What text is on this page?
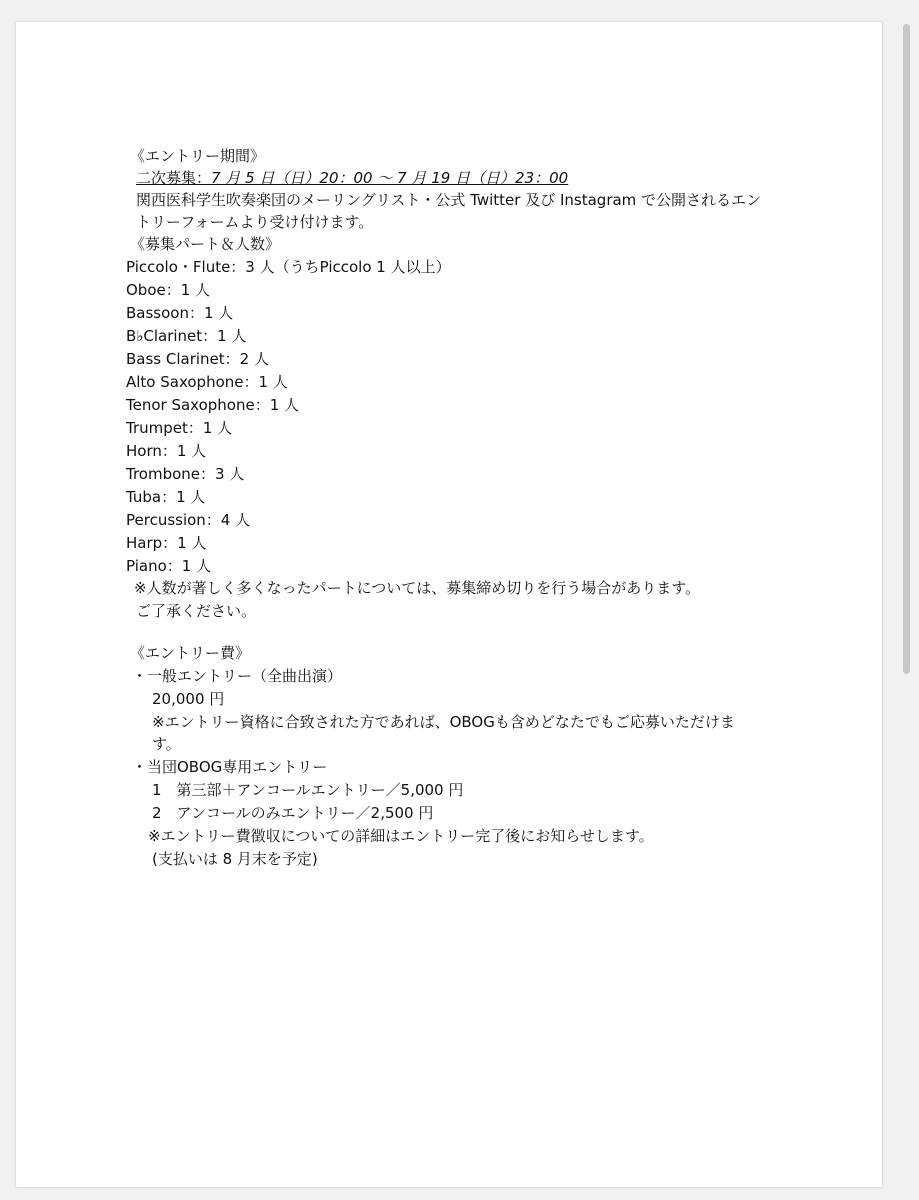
《エントリー期間》
二次募集：7 月 5 日（日）20：00 ～ 7 月 19 日（日）23：00
関西医科学生吹奏楽団のメーリングリスト・公式 Twitter 及び Instagram で公開されるエン
トリーフォームより受け付けます。
《募集パート＆人数》
Piccolo・Flute：3 人（うちPiccolo 1 人以上）
Oboe：1 人
Bassoon：1 人
B♭Clarinet：1 人
Bass Clarinet：2 人
Alto Saxophone：1 人
Tenor Saxophone：1 人
Trumpet：1 人
Horn：1 人
Trombone：3 人
Tuba：1 人
Percussion：4 人
Harp：1 人
Piano：1 人
※人数が著しく多くなったパートについては、募集締め切りを行う場合があります。
ご了承ください。
《エントリー費》
・一般エントリー（全曲出演）
20,000 円
※エントリー資格に合致された方であれば、OBOGも含めどなたでもご応募いただけま
す。
・当団OBOG専用エントリー
1　第三部＋アンコールエントリー／5,000 円
2　アンコールのみエントリー／2,500 円
※エントリー費徴収についての詳細はエントリー完了後にお知らせします。
(支払いは 8 月末を予定)
